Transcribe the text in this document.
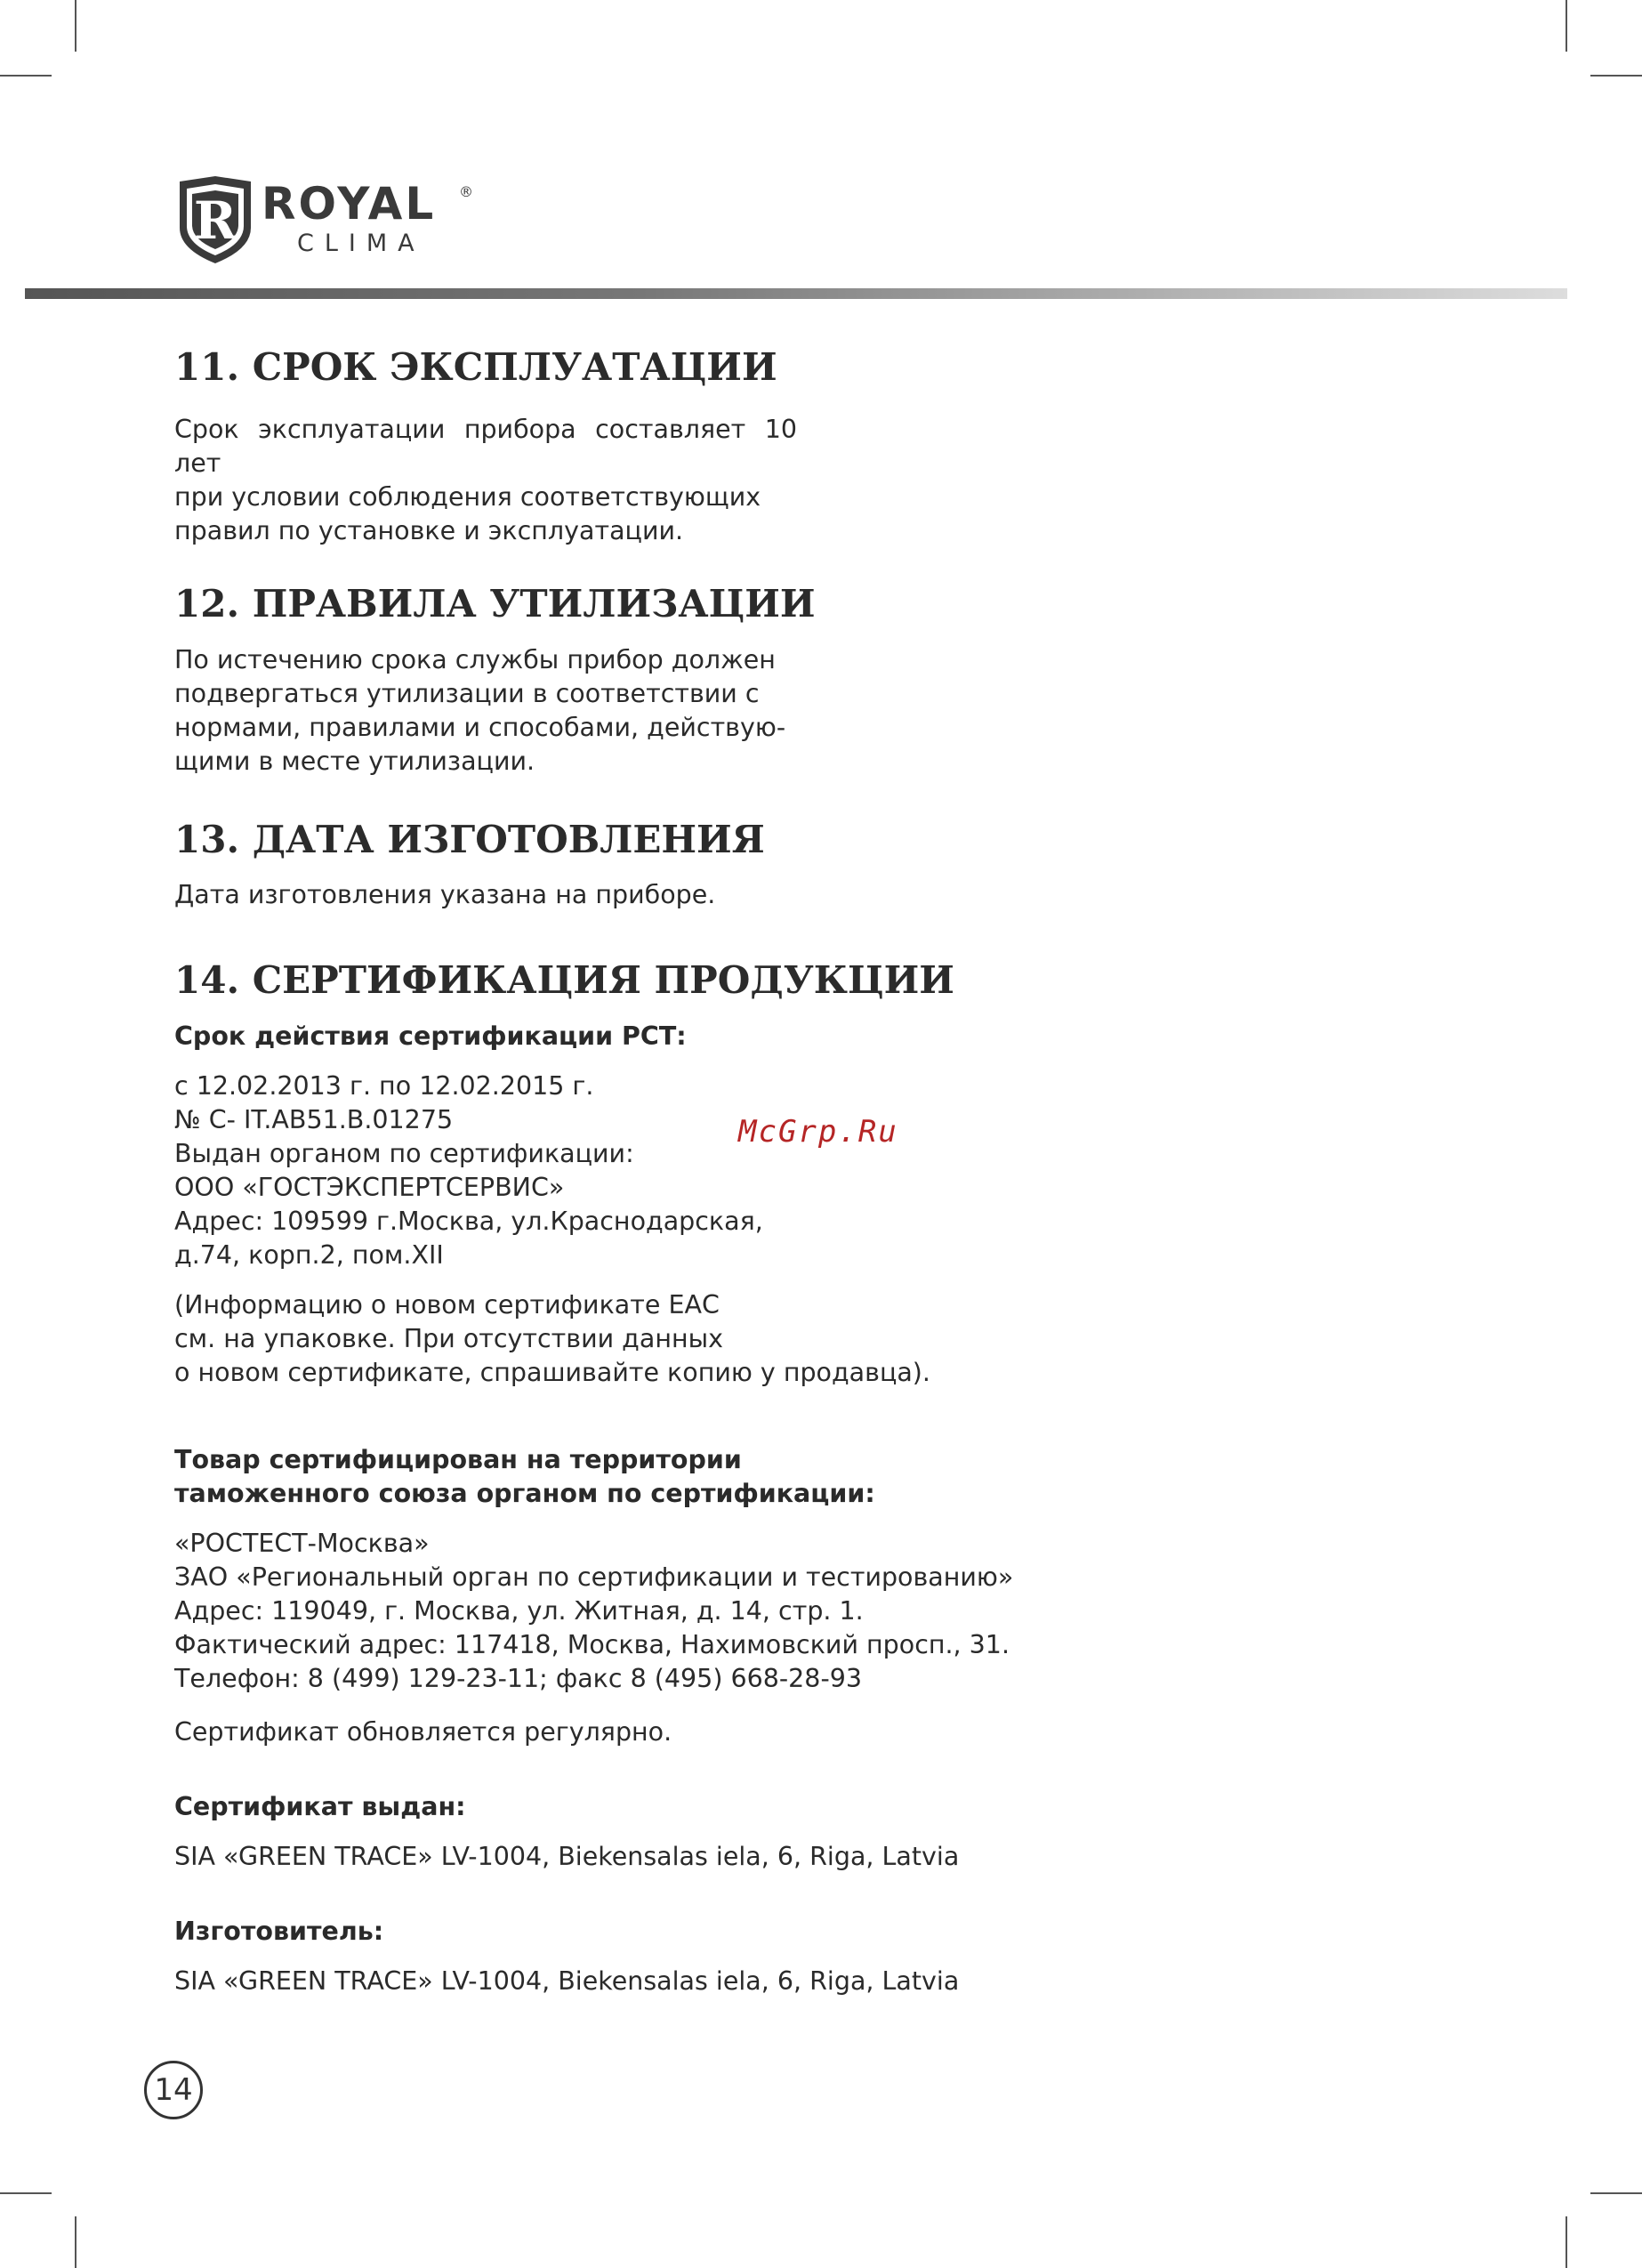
R ROYAL ®
CLIMA
11. СРОК ЭКСПЛУАТАЦИИ

Срок эксплуатации прибора составляет 10 лет
при условии соблюдения соответствующих
правил по установке и эксплуатации.

12. ПРАВИЛА УТИЛИЗАЦИИ

По истечению срока службы прибор должен
подвергаться утилизации в соответствии с
нормами, правилами и способами, действую-
щими в месте утилизации.

13. ДАТА ИЗГОТОВЛЕНИЯ

Дата изготовления указана на приборе.

14. СЕРТИФИКАЦИЯ ПРОДУКЦИИ

Срок действия сертификации РСТ:

с 12.02.2013 г. по 12.02.2015 г.

№ С- IT.АВ51.В.01275

Выдан органом по сертификации:

ООО «ГОСТЭКСПЕРТСЕРВИС»

Адрес: 109599 г.Москва, ул.Краснодарская,

д.74, корп.2, пом.XII

(Информацию о новом сертификате ЕАС

см. на упаковке. При отсутствии данных

о новом сертификате, спрашивайте копию у продавца).

Товар сертифицирован на территории

таможенного союза органом по сертификации:

«РОСТЕСТ-Москва»

ЗАО «Региональный орган по сертификации и тестированию»

Адрес: 119049, г. Москва, ул. Житная, д. 14, стр. 1.

Фактический адрес: 117418, Москва, Нахимовский просп., 31.

Телефон: 8 (499) 129-23-11; факс 8 (495) 668-28-93

Сертификат обновляется регулярно.

Сертификат выдан:

SIA «GREEN TRACE» LV-1004, Biekensalas iela, 6, Riga, Latvia

Изготовитель:

SIA «GREEN TRACE» LV-1004, Biekensalas iela, 6, Riga, Latvia

McGrp.Ru
14
